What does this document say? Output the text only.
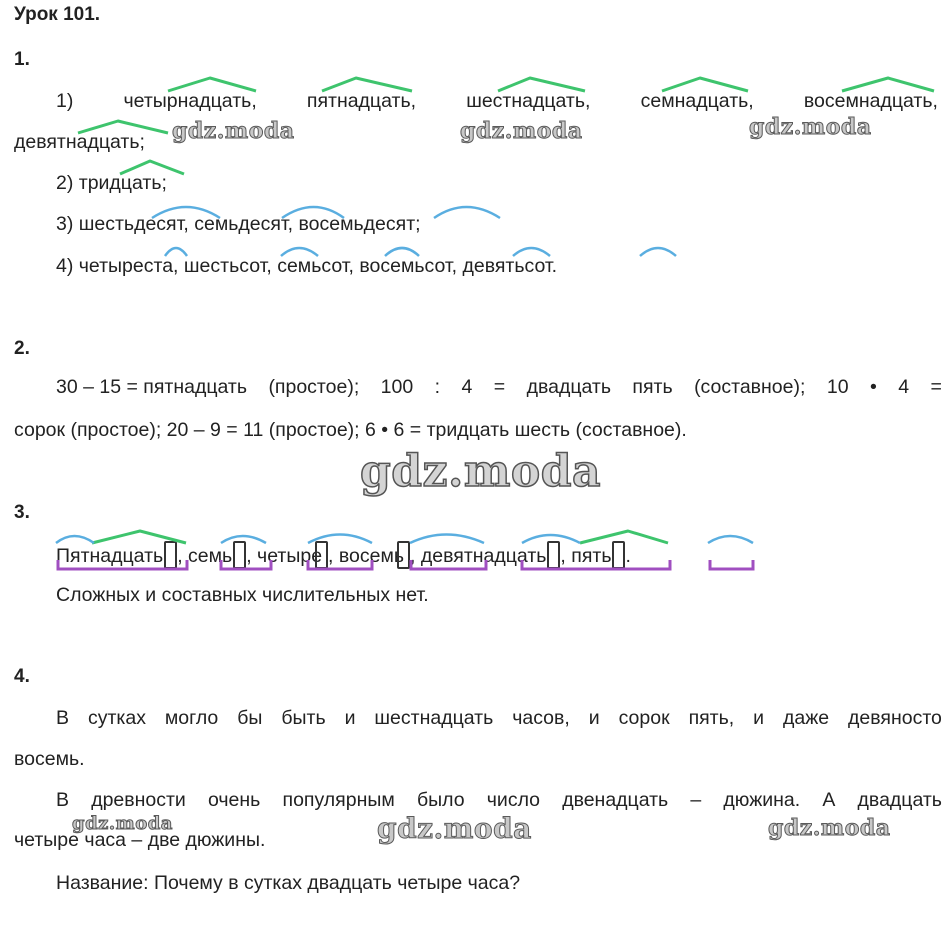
Урок 101.
1.
1)	четырнадцать,	пятнадцать,	шестнадцать,	семнадцать,	восемнадцать,
девятнадцать;
2) тридцать;
3) шестьдесят, семьдесят, восемьдесят;
4) четыреста, шестьсот, семьсот, восемьсот, девятьсот.
2.
30 – 15 = пятнадцать (простое); 100 : 4 = двадцать пять (составное); 10 • 4 =
сорок (простое); 20 – 9 = 11 (простое); 6 • 6 = тридцать шесть (составное).
3.
Пятнадцать , семь , четыре , восемь , девятнадцать , пять .
Сложных и составных числительных нет.
4.
В сутках могло бы быть и шестнадцать часов, и сорок пять, и даже девяносто
восемь.
В древности очень популярным было число двенадцать – дюжина. А двадцать
четыре часа – две дюжины.
Название: Почему в сутках двадцать четыре часа?
gdz.moda	gdz.moda	gdz.moda
gdz.moda
gdz.moda	gdz.moda	gdz.moda
